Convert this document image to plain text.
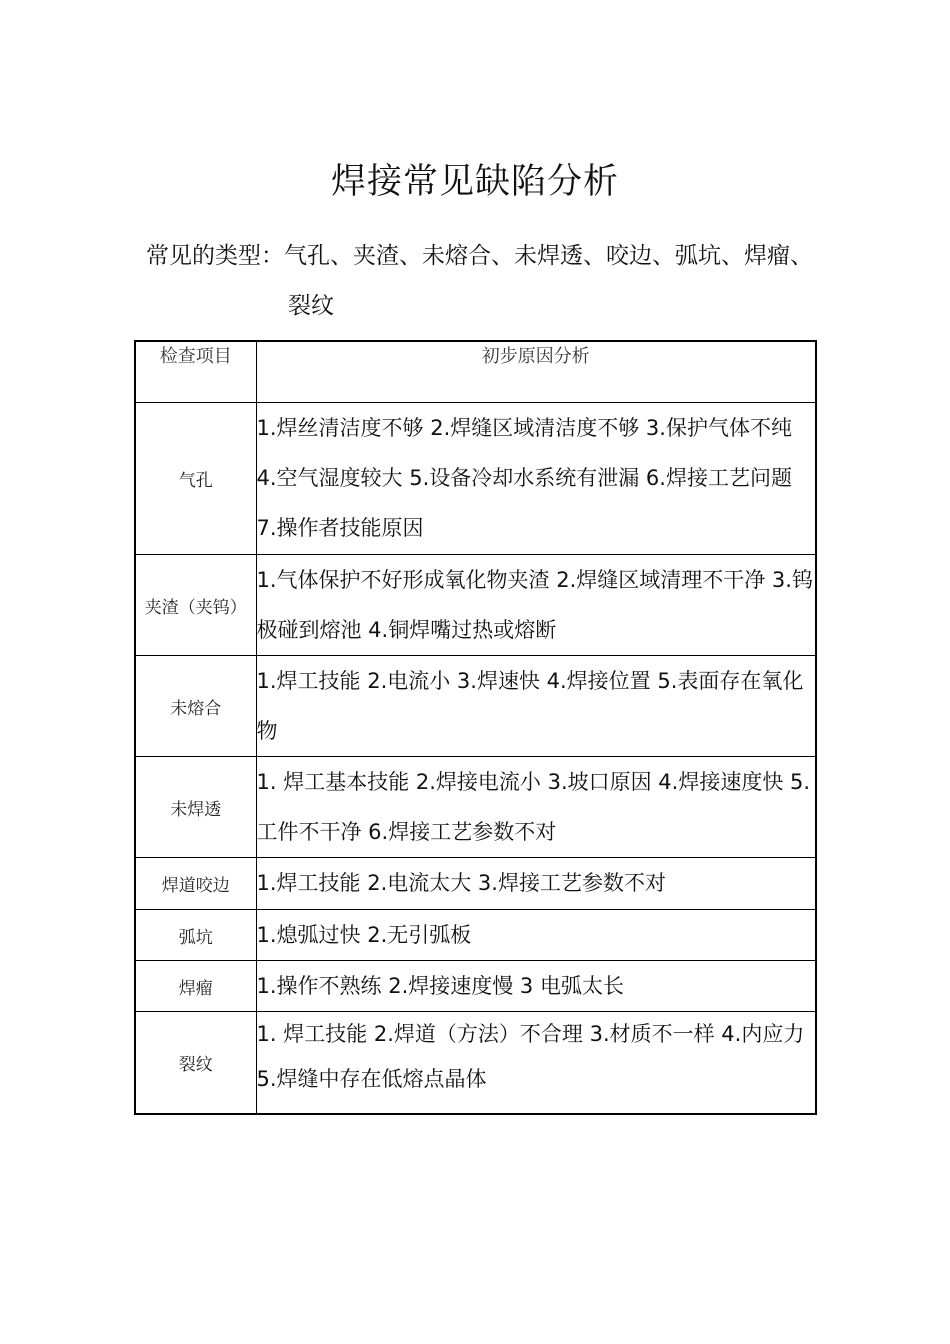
焊接常见缺陷分析
常见的类型：气孔、夹渣、未熔合、未焊透、咬边、弧坑、焊瘤、
裂纹
检查项目	初步原因分析
气孔	1.焊丝清洁度不够 2.焊缝区域清洁度不够 3.保护气体不纯 4.空气湿度较大 5.设备冷却水系统有泄漏 6.焊接工艺问题 7.操作者技能原因
夹渣（夹钨）	1.气体保护不好形成氧化物夹渣 2.焊缝区域清理不干净 3.钨极碰到熔池 4.铜焊嘴过热或熔断
未熔合	1.焊工技能 2.电流小 3.焊速快 4.焊接位置 5.表面存在氧化物
未焊透	1. 焊工基本技能 2.焊接电流小 3.坡口原因 4.焊接速度快 5.工件不干净 6.焊接工艺参数不对
焊道咬边	1.焊工技能 2.电流太大 3.焊接工艺参数不对
弧坑	1.熄弧过快 2.无引弧板
焊瘤	1.操作不熟练 2.焊接速度慢 3 电弧太长
裂纹	1. 焊工技能 2.焊道（方法）不合理 3.材质不一样 4.内应力 5.焊缝中存在低熔点晶体
